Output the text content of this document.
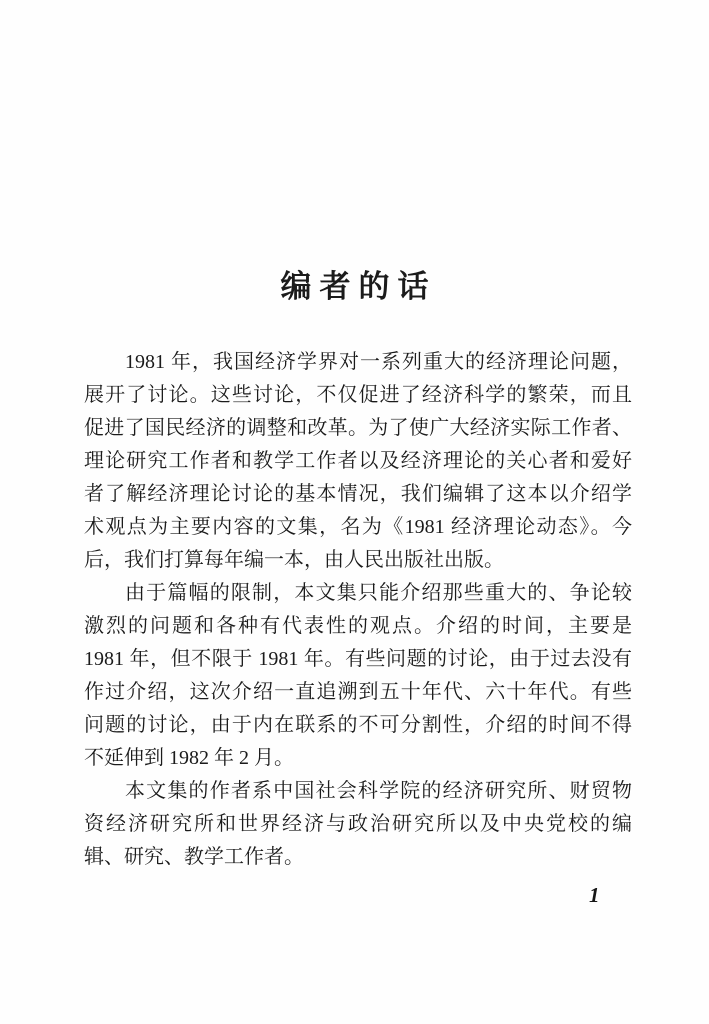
编者的话
1981 年，我国经济学界对一系列重大的经济理论问题，
展开了讨论。这些讨论，不仅促进了经济科学的繁荣，而且
促进了国民经济的调整和改革。为了使广大经济实际工作者、
理论研究工作者和教学工作者以及经济理论的关心者和爱好
者了解经济理论讨论的基本情况，我们编辑了这本以介绍学
术观点为主要内容的文集，名为《1981 经济理论动态》。今
后，我们打算每年编一本，由人民出版社出版。
由于篇幅的限制，本文集只能介绍那些重大的、争论较
激烈的问题和各种有代表性的观点。介绍的时间，主要是
1981 年，但不限于 1981 年。有些问题的讨论，由于过去没有
作过介绍，这次介绍一直追溯到五十年代、六十年代。有些
问题的讨论，由于内在联系的不可分割性，介绍的时间不得
不延伸到 1982 年 2 月。
本文集的作者系中国社会科学院的经济研究所、财贸物
资经济研究所和世界经济与政治研究所以及中央党校的编
辑、研究、教学工作者。
1
